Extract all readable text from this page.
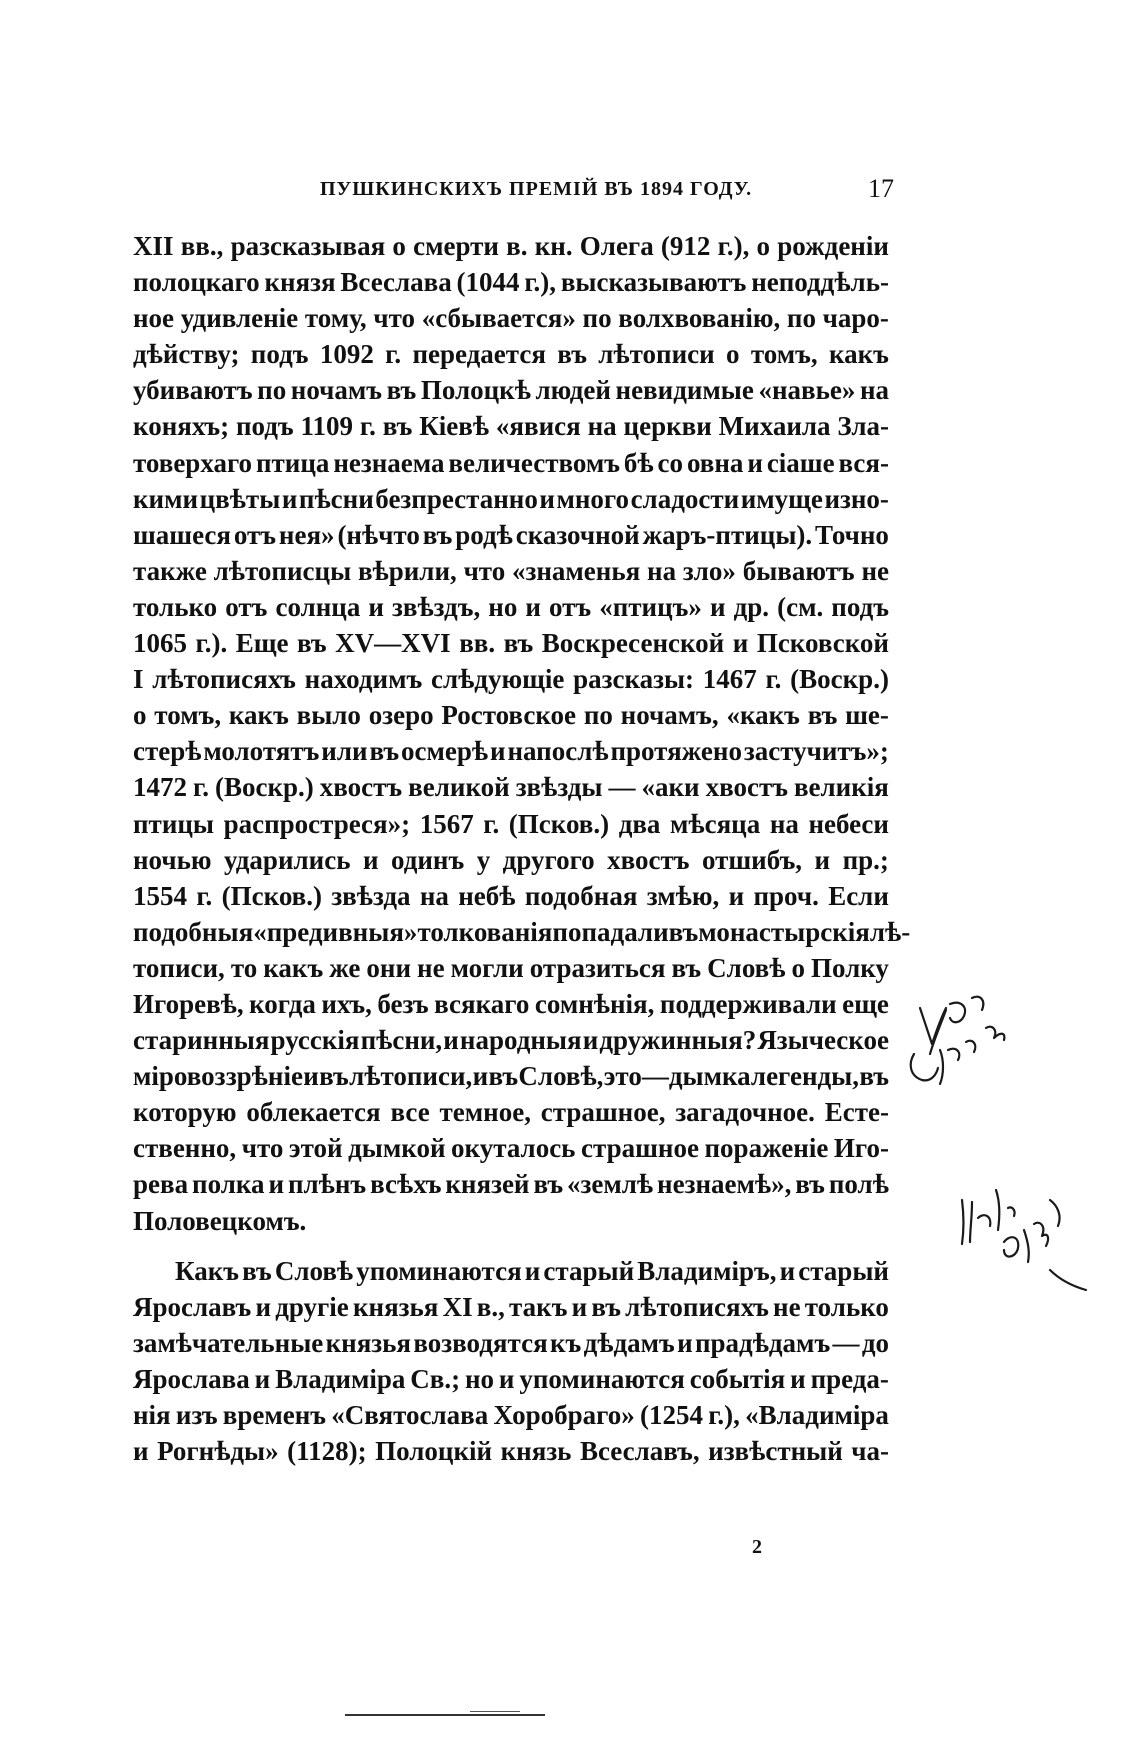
ПУШКИНСКИХЪ ПРЕМІЙ ВЪ 1894 ГОДУ.	17
XII вв., разсказывая о смерти в. кн. Олега (912 г.), о рожденіи
полоцкаго князя Всеслава (1044 г.), высказываютъ неподдѣль-
ное удивленіе тому, что «сбывается» по волхвованію, по чаро-
дѣйству; подъ 1092 г. передается въ лѣтописи о томъ, какъ
убиваютъ по ночамъ въ Полоцкѣ людей невидимые «навье» на
коняхъ; подъ 1109 г. въ Кіевѣ «явися на церкви Михаила Зла-
товерхаго птица незнаема величествомъ бѣ со овна и сіаше вся-
кими цвѣты и пѣсни безпрестанно и много сладости имуще изно-
шашеся отъ нея» (нѣчто въ родѣ сказочной жаръ-птицы). Точно
также лѣтописцы вѣрили, что «знаменья на зло» бываютъ не
только отъ солнца и звѣздъ, но и отъ «птицъ» и др. (см. подъ
1065 г.). Еще въ XV—XVI вв. въ Воскресенской и Псковской
I лѣтописяхъ находимъ слѣдующіе разсказы: 1467 г. (Воскр.)
о томъ, какъ выло озеро Ростовское по ночамъ, «какъ въ ше-
стерѣ молотятъ или въ осмерѣ и напослѣ протяжено застучитъ»;
1472 г. (Воскр.) хвостъ великой звѣзды — «аки хвостъ великія
птицы распростреся»; 1567 г. (Псков.) два мѣсяца на небеси
ночью ударились и одинъ у другого хвостъ отшибъ, и пр.;
1554 г. (Псков.) звѣзда на небѣ подобная змѣю, и проч. Если
подобныя «предивныя» толкованія попадали въ монастырскія лѣ-
тописи, то какъ же они не могли отразиться въ Словѣ о Полку
Игоревѣ, когда ихъ, безъ всякаго сомнѣнія, поддерживали еще
старинныя русскія пѣсни, и народныя и дружинныя? Языческое
міровоззрѣніе и въ лѣтописи, и въ Словѣ, это—дымка легенды, въ
которую облекается все темное, страшное, загадочное. Есте-
ственно, что этой дымкой окуталось страшное пораженіе Иго-
рева полка и плѣнъ всѣхъ князей въ «землѣ незнаемѣ», въ полѣ
Половецкомъ.
Какъ въ Словѣ упоминаются и старый Владиміръ, и старый
Ярославъ и другіе князья XI в., такъ и въ лѣтописяхъ не только
замѣчательные князья возводятся къ дѣдамъ и прадѣдамъ — до
Ярослава и Владиміра Св.; но и упоминаются событія и преда-
нія изъ временъ «Святослава Хоробраго» (1254 г.), «Владиміра
и Рогнѣды» (1128); Полоцкій князь Всеславъ, извѣстный ча-
2
